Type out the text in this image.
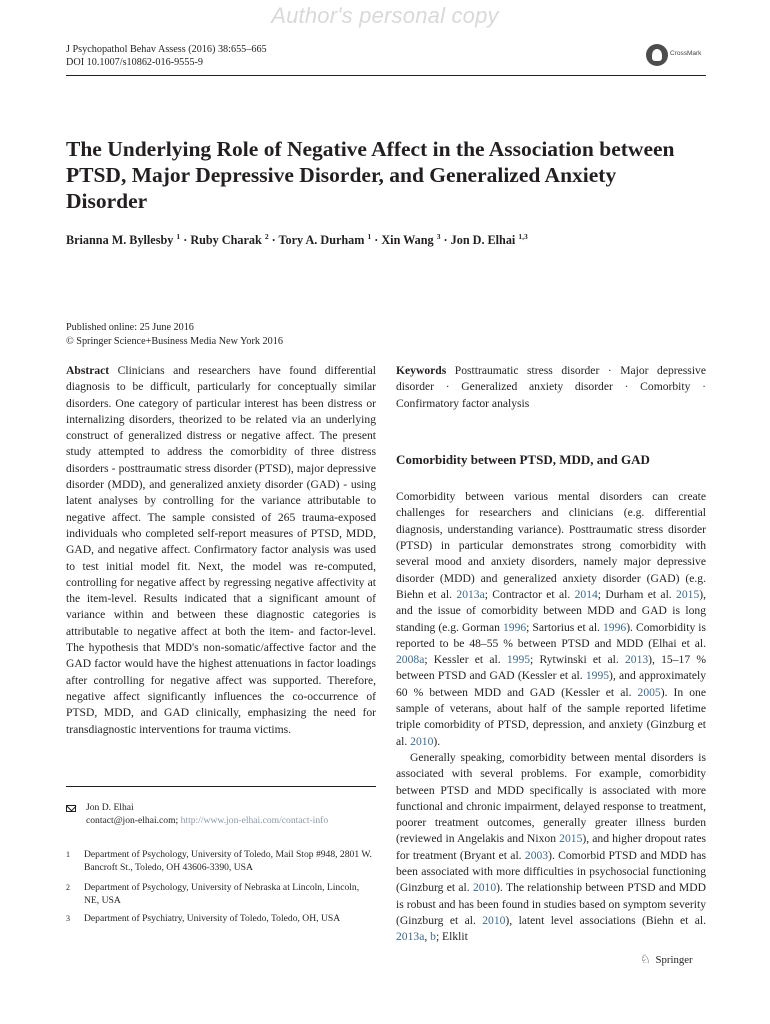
Author's personal copy
J Psychopathol Behav Assess (2016) 38:655–665
DOI 10.1007/s10862-016-9555-9
CrossMark
The Underlying Role of Negative Affect in the Association between PTSD, Major Depressive Disorder, and Generalized Anxiety Disorder
Brianna M. Byllesby $^1$ · Ruby Charak $^2$ · Tory A. Durham $^1$ · Xin Wang $^3$ · Jon D. Elhai $^{1,3}$
Published online: 25 June 2016
© Springer Science+Business Media New York 2016

Abstract Clinicians and researchers have found differential diagnosis to be difficult, particularly for conceptually similar disorders. One category of particular interest has been distress or internalizing disorders, theorized to be related via an underlying construct of generalized distress or negative affect. The present study attempted to address the comorbidity of three distress disorders - posttraumatic stress disorder (PTSD), major depressive disorder (MDD), and generalized anxiety disorder (GAD) - using latent analyses by controlling for the variance attributable to negative affect. The sample consisted of 265 trauma-exposed individuals who completed self-report measures of PTSD, MDD, GAD, and negative affect. Confirmatory factor analysis was used to test initial model fit. Next, the model was re-computed, controlling for negative affect by regressing negative affectivity at the item-level. Results indicated that a significant amount of variance within and between these diagnostic categories is attributable to negative affect at both the item- and factor-level. The hypothesis that MDD's non-somatic/affective factor and the GAD factor would have the highest attenuations in factor loadings after controlling for negative affect was supported. Therefore, negative affect significantly influences the co-occurrence of PTSD, MDD, and GAD clinically, emphasizing the need for transdiagnostic interventions for trauma victims.

Jon D. Elhai
contact@jon-elhai.com; http://www.jon-elhai.com/contact-info
1 Department of Psychology, University of Toledo, Mail Stop #948, 2801 W. Bancroft St., Toledo, OH 43606-3390, USA
2 Department of Psychology, University of Nebraska at Lincoln, Lincoln, NE, USA
3 Department of Psychiatry, University of Toledo, Toledo, OH, USA

Keywords Posttraumatic stress disorder · Major depressive disorder · Generalized anxiety disorder · Comorbity · Confirmatory factor analysis

Comorbidity between PTSD, MDD, and GAD

Comorbidity between various mental disorders can create challenges for researchers and clinicians (e.g. differential diagnosis, understanding variance). Posttraumatic stress disorder (PTSD) in particular demonstrates strong comorbidity with several mood and anxiety disorders, namely major depressive disorder (MDD) and generalized anxiety disorder (GAD) (e.g. Biehn et al. 2013a; Contractor et al. 2014; Durham et al. 2015), and the issue of comorbidity between MDD and GAD is long standing (e.g. Gorman 1996; Sartorius et al. 1996). Comorbidity is reported to be 48–55 % between PTSD and MDD (Elhai et al. 2008a; Kessler et al. 1995; Rytwinski et al. 2013), 15–17 % between PTSD and GAD (Kessler et al. 1995), and approximately 60 % between MDD and GAD (Kessler et al. 2005). In one sample of veterans, about half of the sample reported lifetime triple comorbidity of PTSD, depression, and anxiety (Ginzburg et al. 2010).

Generally speaking, comorbidity between mental disorders is associated with several problems. For example, comorbidity between PTSD and MDD specifically is associated with more functional and chronic impairment, delayed response to treatment, poorer treatment outcomes, generally greater illness burden (reviewed in Angelakis and Nixon 2015), and higher dropout rates for treatment (Bryant et al. 2003). Comorbid PTSD and MDD has been associated with more difficulties in psychosocial functioning (Ginzburg et al. 2010). The relationship between PTSD and MDD is robust and has been found in studies based on symptom severity (Ginzburg et al. 2010), latent level associations (Biehn et al. 2013a, b; Elklit

♘ Springer
